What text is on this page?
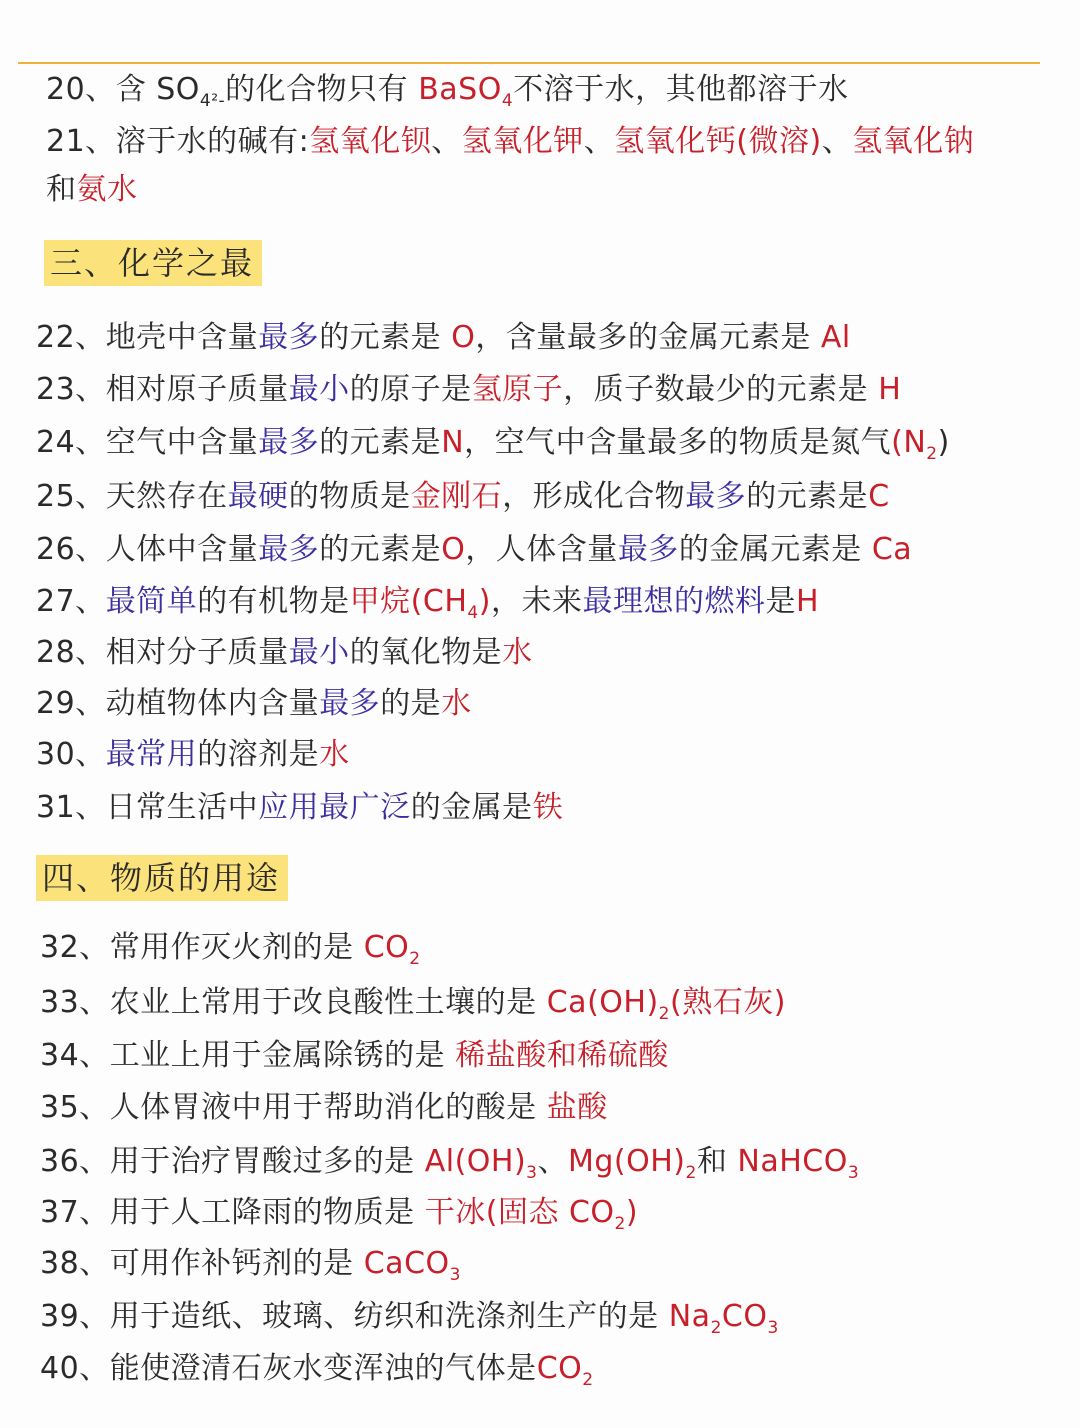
20、含 $SO_{4^2-}$的化合物只有 BaSO$_4$不溶于水，其他都溶于水
21、溶于水的碱有:氢氧化钡、氢氧化钾、氢氧化钙(微溶)、氢氧化钠
和氨水
三、化学之最
22、地壳中含量最多的元素是 O，含量最多的金属元素是 Al
23、相对原子质量最小的原子是氢原子，质子数最少的元素是 H
24、空气中含量最多的元素是N，空气中含量最多的物质是氮气$(N_2)$
25、天然存在最硬的物质是金刚石，形成化合物最多的元素是C
26、人体中含量最多的元素是O，人体含量最多的金属元素是 Ca
27、最简单的有机物是甲烷$(CH_4)$，未来最理想的燃料是H
28、相对分子质量最小的氧化物是水
29、动植物体内含量最多的是水
30、最常用的溶剂是水
31、日常生活中应用最广泛的金属是铁
四、物质的用途
32、常用作灭火剂的是 $CO_2$
33、农业上常用于改良酸性土壤的是 $Ca(OH)_2$(熟石灰)
34、工业上用于金属除锈的是 稀盐酸和稀硫酸
35、人体胃液中用于帮助消化的酸是 盐酸
36、用于治疗胃酸过多的是 $Al(OH)_3$、$Mg(OH)_2$和 NaHCO$_3$
37、用于人工降雨的物质是 干冰(固态 $CO_2$)
38、可用作补钙剂的是 CaCO$_3$
39、用于造纸、玻璃、纺织和洗涤剂生产的是 $Na_2CO_3$
40、能使澄清石灰水变浑浊的气体是$CO_2$
